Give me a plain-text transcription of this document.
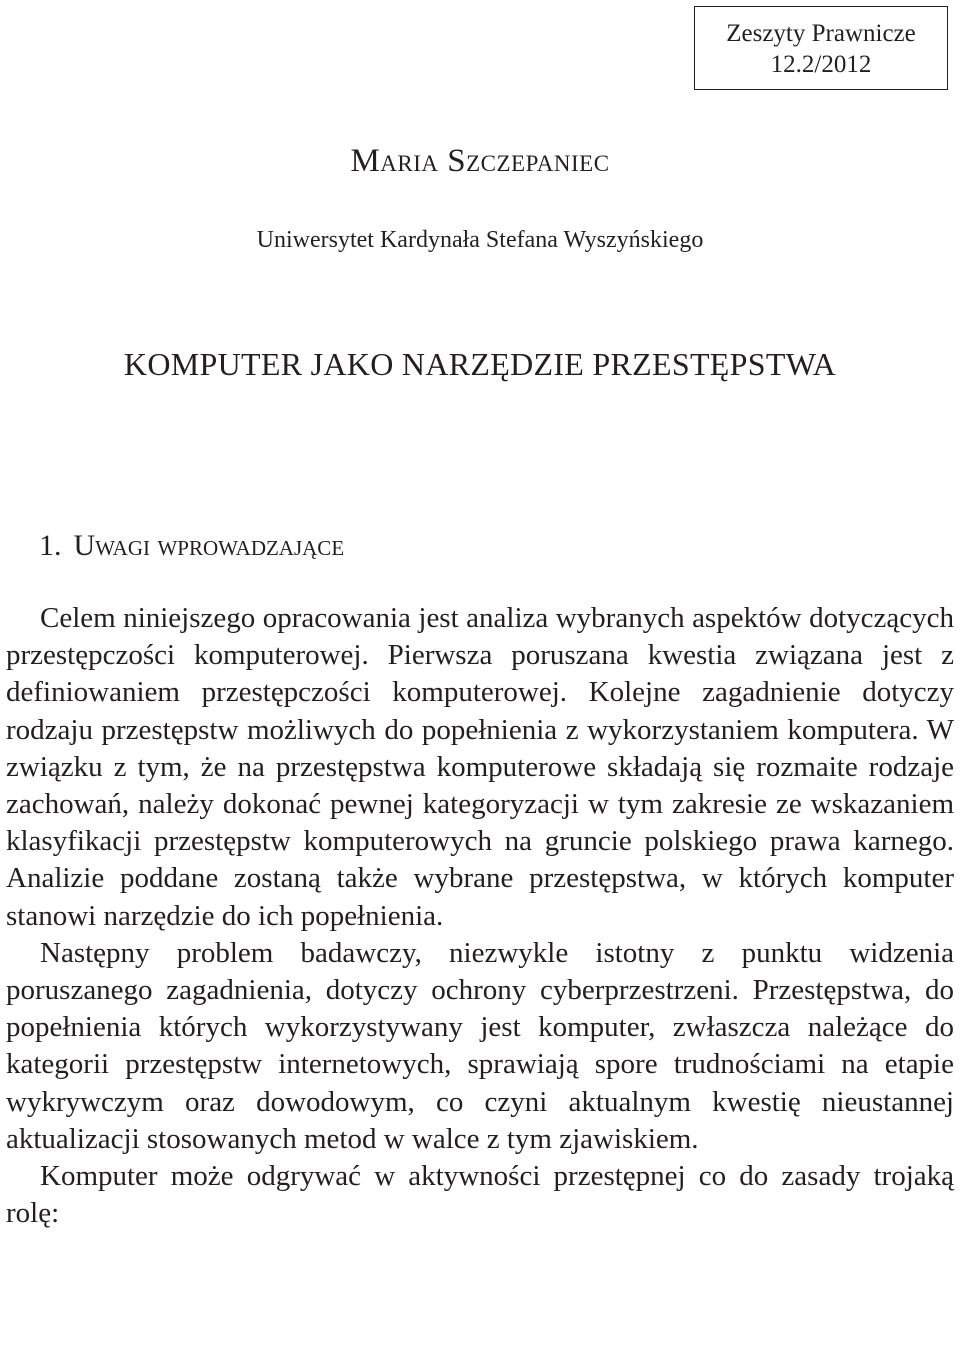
Zeszyty Prawnicze
12.2/2012
Maria Szczepaniec
Uniwersytet Kardynała Stefana Wyszyńskiego
KOMPUTER JAKO NARZĘDZIE PRZESTĘPSTWA
1. Uwagi wprowadzające

Celem niniejszego opracowania jest analiza wybranych aspektów dotyczących przestępczości komputerowej. Pierwsza poruszana kwestia związana jest z definiowaniem przestępczości komputerowej. Kolejne zagadnienie dotyczy rodzaju przestępstw możliwych do popełnienia z wykorzystaniem komputera. W związku z tym, że na przestępstwa komputerowe składają się rozmaite rodzaje zachowań, należy dokonać pewnej kategoryzacji w tym zakresie ze wskazaniem klasyfikacji przestępstw komputerowych na gruncie polskiego prawa karnego. Analizie poddane zostaną także wybrane przestępstwa, w których komputer stanowi narzędzie do ich popełnienia.

Następny problem badawczy, niezwykle istotny z punktu widzenia poruszanego zagadnienia, dotyczy ochrony cyberprzestrzeni. Przestępstwa, do popełnienia których wykorzystywany jest komputer, zwłaszcza należące do kategorii przestępstw internetowych, sprawiają spore trudnościami na etapie wykrywczym oraz dowodowym, co czyni aktualnym kwestię nieustannej aktualizacji stosowanych metod w walce z tym zjawiskiem.

Komputer może odgrywać w aktywności przestępnej co do zasady trojaką rolę:
